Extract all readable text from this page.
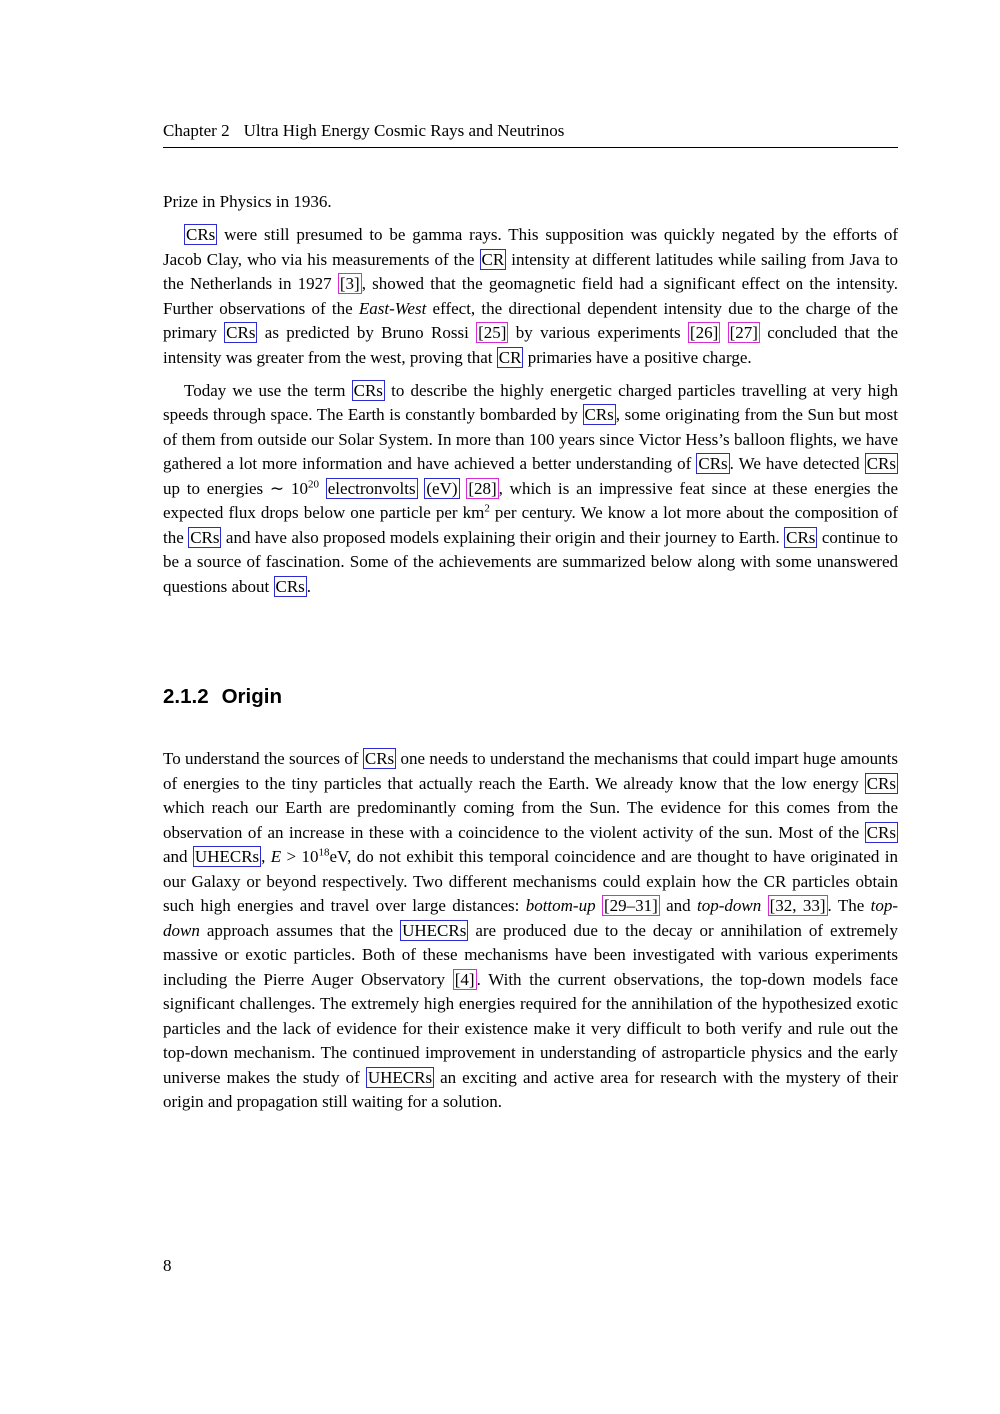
Chapter 2 Ultra High Energy Cosmic Rays and Neutrinos

Prize in Physics in 1936.

CRs were still presumed to be gamma rays. This supposition was quickly negated by the efforts of Jacob Clay, who via his measurements of the CR intensity at different latitudes while sailing from Java to the Netherlands in 1927 [3] , showed that the geomagnetic field had a significant effect on the intensity. Further observations of the East-West effect, the directional dependent intensity due to the charge of the primary CRs as predicted by Bruno Rossi [25] by various experiments [26] [27] concluded that the intensity was greater from the west, proving that CR primaries have a positive charge.

Today we use the term CRs to describe the highly energetic charged particles travelling at very high speeds through space. The Earth is constantly bombarded by CRs , some originating from the Sun but most of them from outside our Solar System. In more than 100 years since Victor Hess’s balloon flights, we have gathered a lot more information and have achieved a better understanding of CRs . We have detected CRs up to energies ∼ $10^{20}$ electronvolts (eV) [28] , which is an impressive feat since at these energies the expected flux drops below one particle per $km^2$ per century. We know a lot more about the composition of the CRs and have also proposed models explaining their origin and their journey to Earth. CRs continue to be a source of fascination. Some of the achievements are summarized below along with some unanswered questions about CRs .

2.1.2 Origin

To understand the sources of CRs one needs to understand the mechanisms that could impart huge amounts of energies to the tiny particles that actually reach the Earth. We already know that the low energy CRs which reach our Earth are predominantly coming from the Sun. The evidence for this comes from the observation of an increase in these with a coincidence to the violent activity of the sun. Most of the CRs and UHECRs , $E > 10^{18}eV$, do not exhibit this temporal coincidence and are thought to have originated in our Galaxy or beyond respectively. Two different mechanisms could explain how the CR particles obtain such high energies and travel over large distances: bottom-up [29–31] and top-down [32, 33] . The top-down approach assumes that the UHECRs are produced due to the decay or annihilation of extremely massive or exotic particles. Both of these mechanisms have been investigated with various experiments including the Pierre Auger Observatory [4] . With the current observations, the top-down models face significant challenges. The extremely high energies required for the annihilation of the hypothesized exotic particles and the lack of evidence for their existence make it very difficult to both verify and rule out the top-down mechanism. The continued improvement in understanding of astroparticle physics and the early universe makes the study of UHECRs an exciting and active area for research with the mystery of their origin and propagation still waiting for a solution.

8
